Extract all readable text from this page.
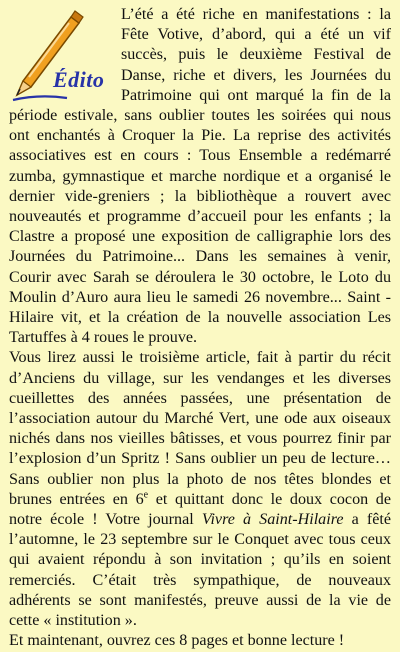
Édito

L’été a été riche en manifestations : la Fête Votive, d’abord, qui a été un vif succès, puis le deuxième Festival de Danse, riche et divers, les Journées du Patrimoine qui ont marqué la fin de la période estivale, sans oublier toutes les soirées qui nous ont enchantés à Croquer la Pie. La reprise des activités associatives est en cours : Tous Ensemble a redémarré zumba, gymnastique et marche nordique et a organisé le dernier vide-greniers ; la bibliothèque a rouvert avec nouveautés et programme d’accueil pour les enfants ; la Clastre a proposé une exposition de calligraphie lors des Journées du Patrimoine... Dans les semaines à venir, Courir avec Sarah se déroulera le 30 octobre, le Loto du Moulin d’Auro aura lieu le samedi 26 novembre... Saint -Hilaire vit, et la création de la nouvelle association Les Tartuffes à 4 roues le prouve.

Vous lirez aussi le troisième article, fait à partir du récit d’Anciens du village, sur les vendanges et les diverses cueillettes des années passées, une présentation de l’association autour du Marché Vert, une ode aux oiseaux nichés dans nos vieilles bâtisses, et vous pourrez finir par l’explosion d’un Spritz ! Sans oublier un peu de lecture… Sans oublier non plus la photo de nos têtes blondes et brunes entrées en 6e et quittant donc le doux cocon de notre école ! Votre journal Vivre à Saint-Hilaire a fêté l’automne, le 23 septembre sur le Conquet avec tous ceux qui avaient répondu à son invitation ; qu’ils en soient remerciés. C’était très sympathique, de nouveaux adhérents se sont manifestés, preuve aussi de la vie de cette « institution ».

Et maintenant, ouvrez ces 8 pages et bonne lecture !
